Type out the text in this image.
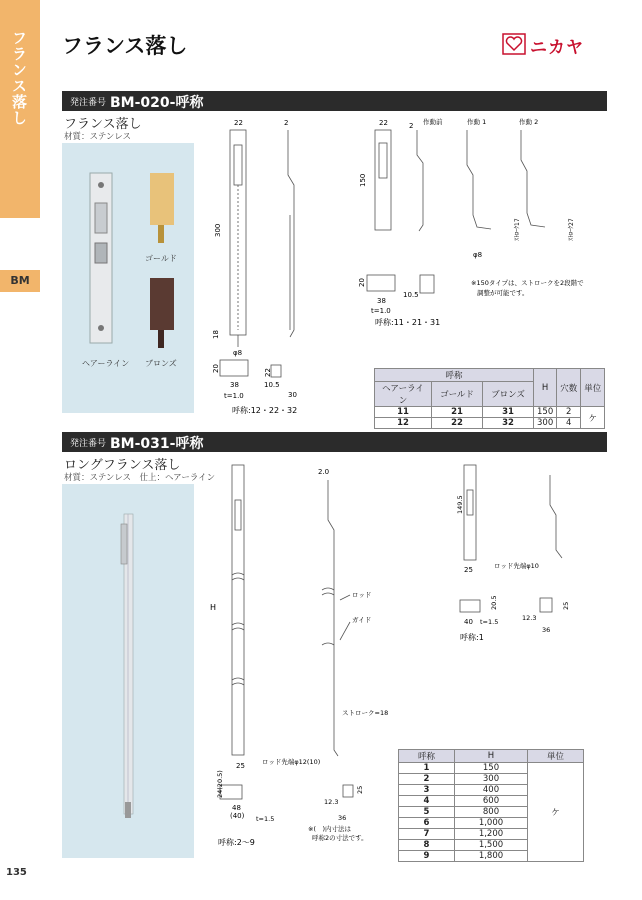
フランス落し
BM
フランス落し	ニカヤ
発注番号 BM-020-呼称
フランス落し
材質：ステンレス
ゴールド
ヘアーライン ブロンズ
22	2
300
18
φ8
20
38
t=1.0
22
10.5
30
呼称:12・22・32
22	2 作動前	作動 1	作動 2
150
ｽﾄﾛｰｸ17	ｽﾄﾛｰｸ27
φ8
20
38
t=1.0
10.5
呼称:11・21・31
※150タイプは、ストロークを2段階で
調整が可能です。
呼称			H	穴数	単位
ヘアーライン	ゴールド	ブロンズ			
11	21	31	150	2	ケ
12	22	32	300	4	
発注番号 BM-031-呼称
ロングフランス落し
材質：ステンレス　仕上：ヘアーライン
2.0
H
ロッド
ガイド
ストローク=18
25	ロッド先端φ12(10)
24(20.5)
48
(40) t=1.5
12.3
25
36
※(　)内寸法は
呼称2の寸法です。
呼称:2～9
149.5
25	ロッド先端φ10
20.5
40 t=1.5	12.3
25
36
呼称:1
呼称	H	単位
1	150	ケ
2	300	
3	400	
4	600	
5	800	
6	1,000	
7	1,200	
8	1,500	
9	1,800	
135
